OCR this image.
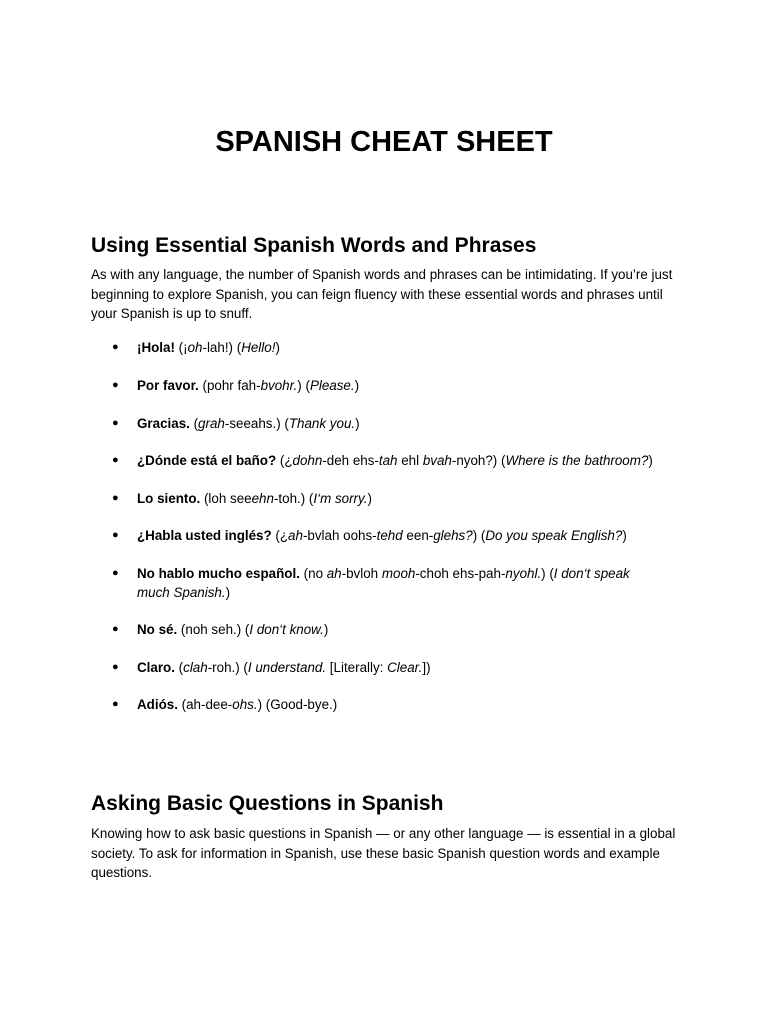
SPANISH CHEAT SHEET
Using Essential Spanish Words and Phrases

As with any language, the number of Spanish words and phrases can be intimidating. If you’re just beginning to explore Spanish, you can feign fluency with these essential words and phrases until your Spanish is up to snuff.

● ¡Hola! (¡oh-lah!) (Hello!)
● Por favor. (pohr fah-bvohr.) (Please.)
● Gracias. (grah-seeahs.) (Thank you.)
● ¿Dónde está el baño? (¿dohn-deh ehs-tah ehl bvah-nyoh?) (Where is the bathroom?)
● Lo siento. (loh seeehn-toh.) (I‘m sorry.)
● ¿Habla usted inglés? (¿ah-bvlah oohs-tehd een-glehs?) (Do you speak English?)
● No hablo mucho español. (no ah-bvloh mooh-choh ehs-pah-nyohl.) (I don‘t speak much Spanish.)
● No sé. (noh seh.) (I don‘t know.)
● Claro. (clah-roh.) (I understand. [Literally: Clear.])
● Adiós. (ah-dee-ohs.) (Good-bye.)
Asking Basic Questions in Spanish

Knowing how to ask basic questions in Spanish — or any other language — is essential in a global society. To ask for information in Spanish, use these basic Spanish question words and example questions.
